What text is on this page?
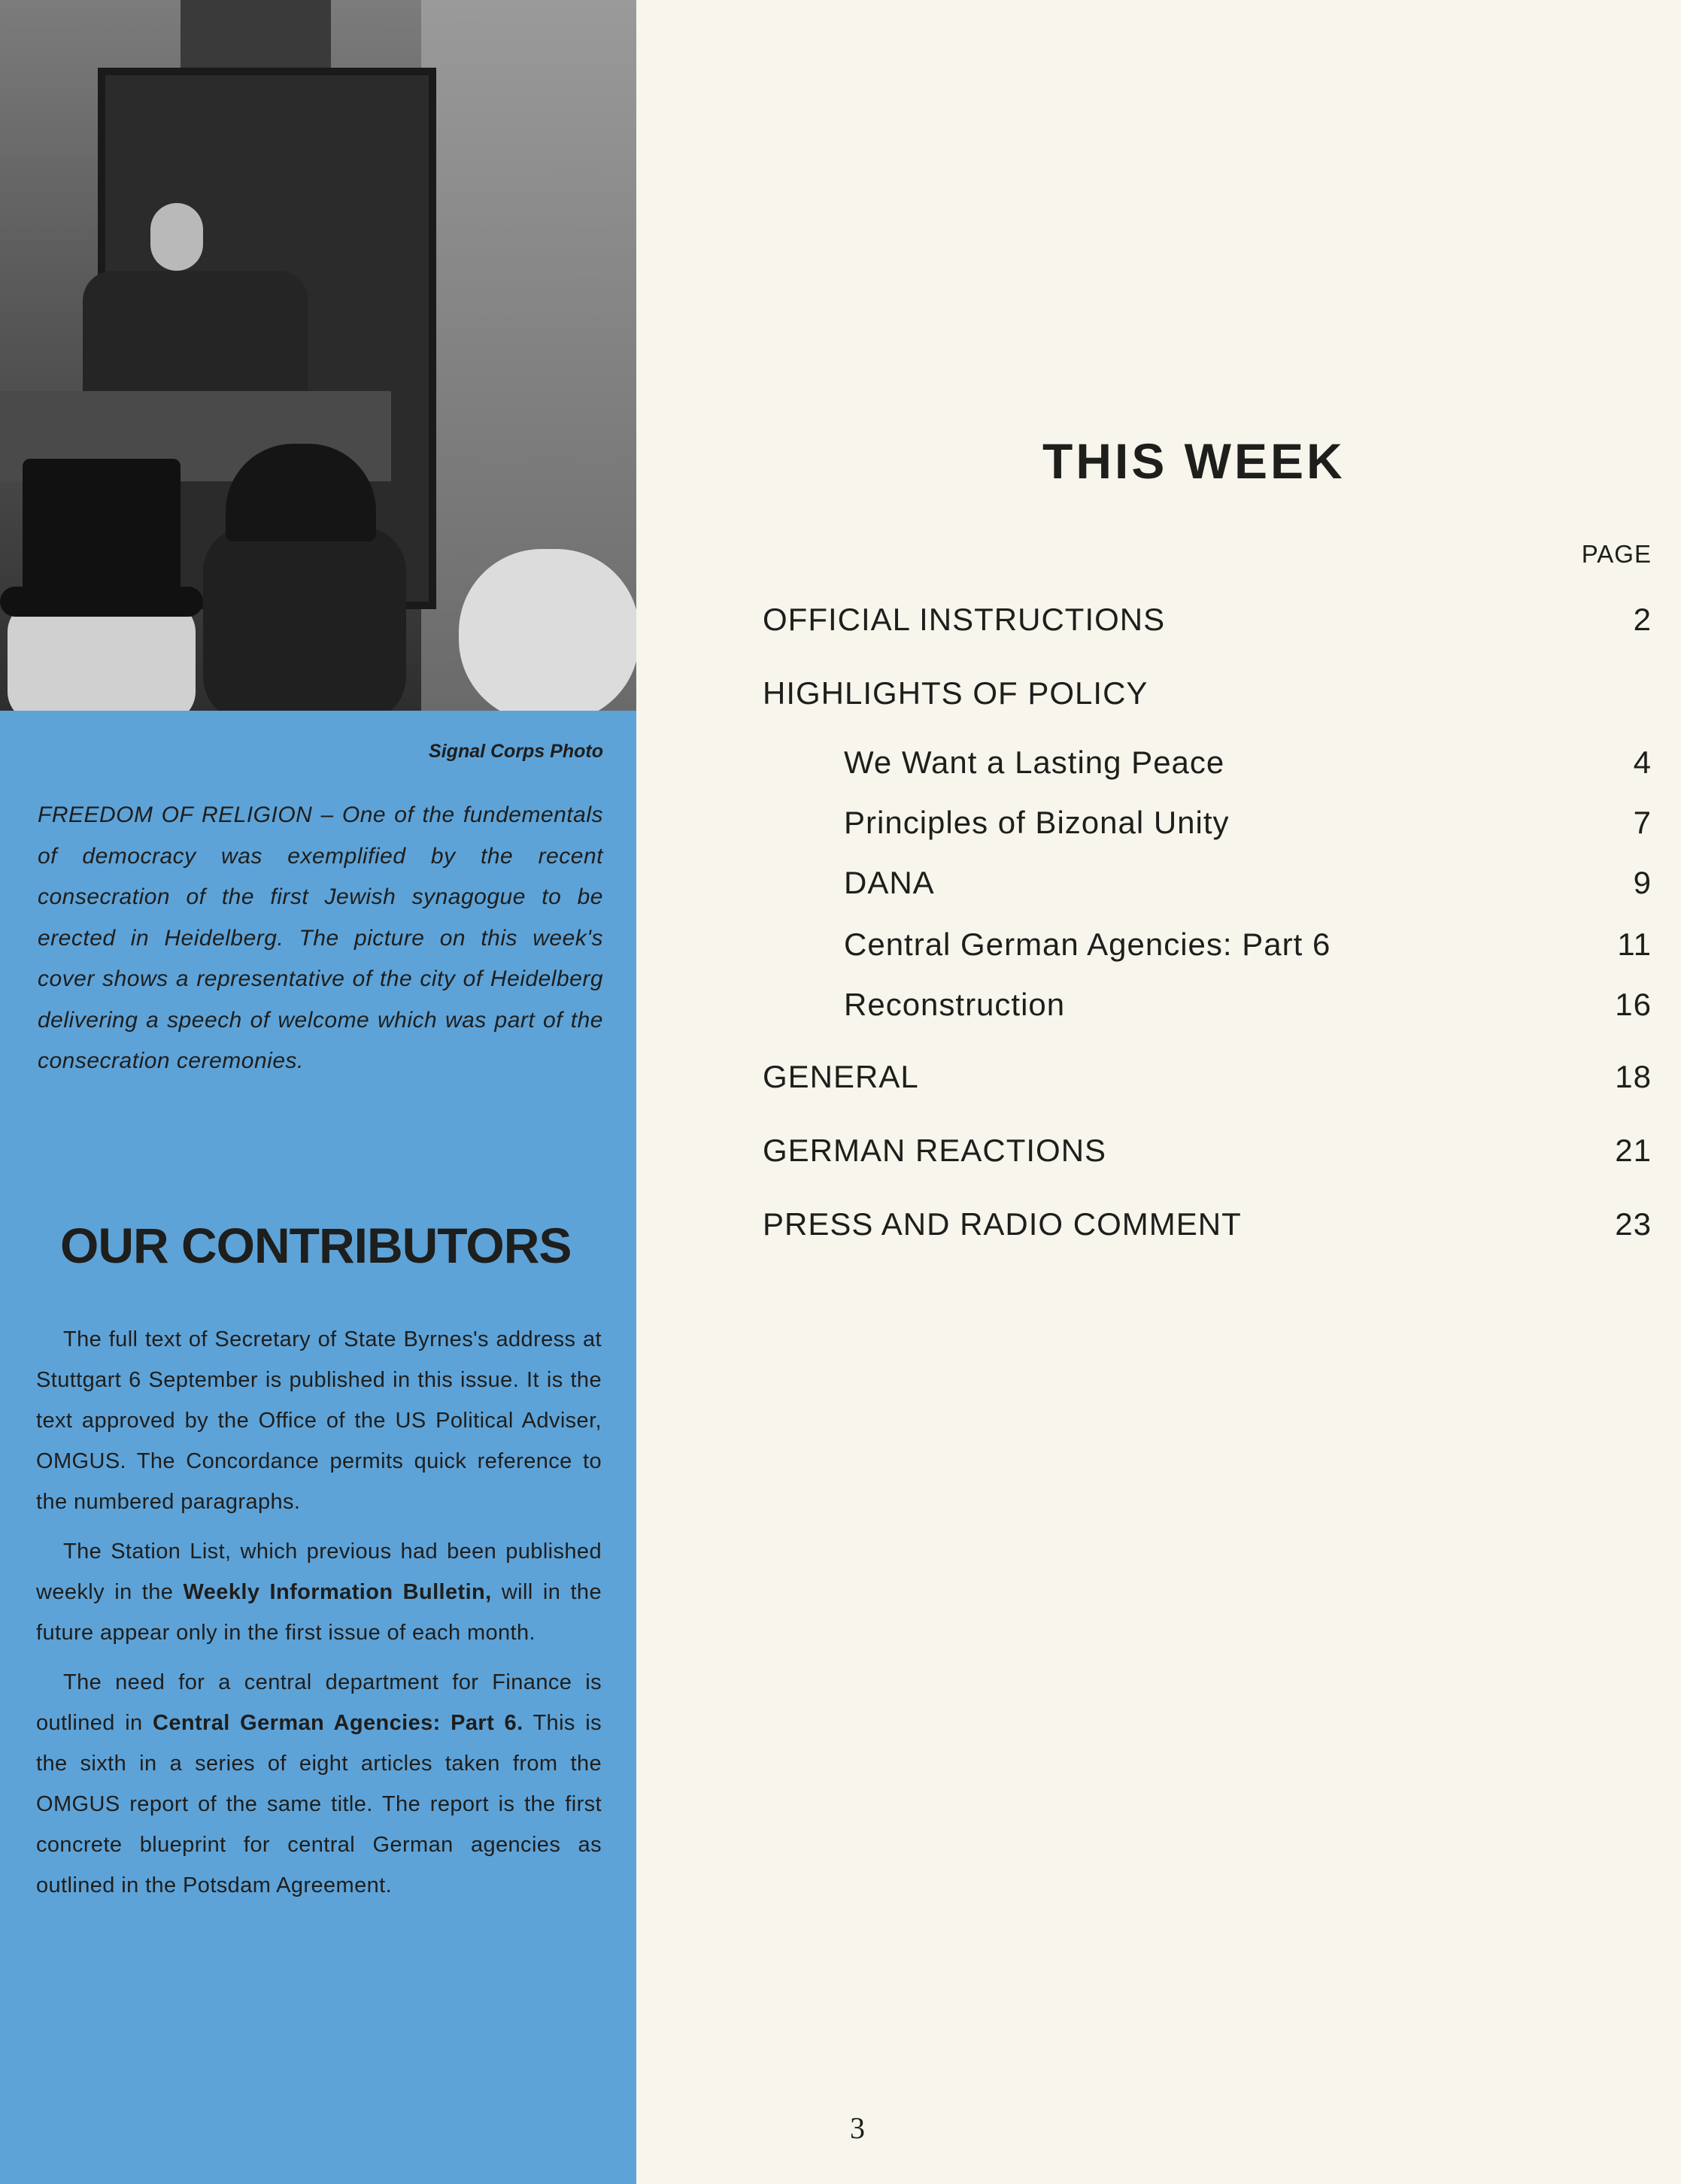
Signal Corps Photo
FREEDOM OF RELIGION – One of the fundementals of democracy was exemplified by the recent consecration of the first Jewish synagogue to be erected in Heidelberg. The picture on this week's cover shows a representative of the city of Heidelberg delivering a speech of welcome which was part of the consecration ceremonies.
OUR CONTRIBUTORS

The full text of Secretary of State Byrnes's address at Stuttgart 6 September is published in this issue. It is the text approved by the Office of the US Political Adviser, OMGUS. The Concordance permits quick reference to the numbered paragraphs.

The Station List, which previous had been published weekly in the Weekly Information Bulletin, will in the future appear only in the first issue of each month.

The need for a central department for Finance is outlined in Central German Agencies: Part 6. This is the sixth in a series of eight articles taken from the OMGUS report of the same title. The report is the first concrete blueprint for central German agencies as outlined in the Potsdam Agreement.

THIS WEEK
PAGE
OFFICIAL INSTRUCTIONS	2
HIGHLIGHTS OF POLICY
We Want a Lasting Peace	4
Principles of Bizonal Unity	7
DANA	9
Central German Agencies: Part 6	11
Reconstruction	16
GENERAL	18
GERMAN REACTIONS	21
PRESS AND RADIO COMMENT	23
3
